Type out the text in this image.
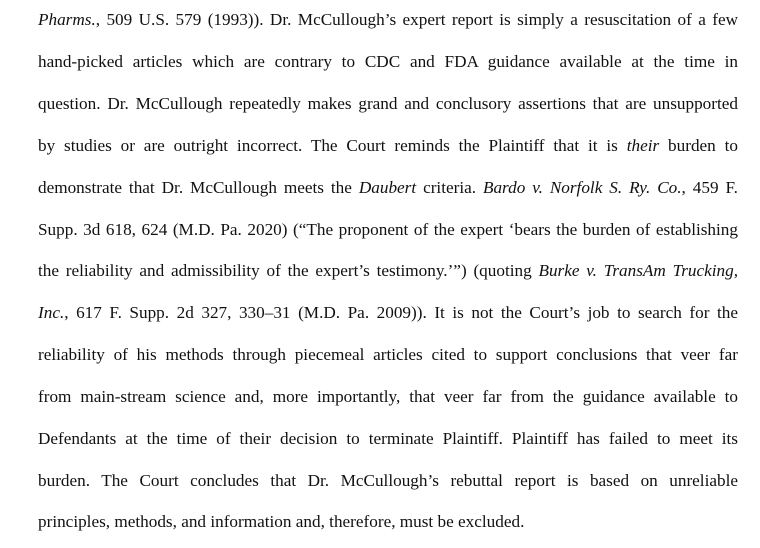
Pharms., 509 U.S. 579 (1993)). Dr. McCullough’s expert report is simply a resuscitation of a few
hand-picked articles which are contrary to CDC and FDA guidance available at the time in
question. Dr. McCullough repeatedly makes grand and conclusory assertions that are unsupported
by studies or are outright incorrect. The Court reminds the Plaintiff that it is their burden to
demonstrate that Dr. McCullough meets the Daubert criteria. Bardo v. Norfolk S. Ry. Co., 459 F.
Supp. 3d 618, 624 (M.D. Pa. 2020) (“The proponent of the expert ‘bears the burden of establishing
the reliability and admissibility of the expert’s testimony.’”) (quoting Burke v. TransAm Trucking,
Inc., 617 F. Supp. 2d 327, 330–31 (M.D. Pa. 2009)). It is not the Court’s job to search for the
reliability of his methods through piecemeal articles cited to support conclusions that veer far
from main-stream science and, more importantly, that veer far from the guidance available to
Defendants at the time of their decision to terminate Plaintiff. Plaintiff has failed to meet its
burden. The Court concludes that Dr. McCullough’s rebuttal report is based on unreliable
principles, methods, and information and, therefore, must be excluded.
